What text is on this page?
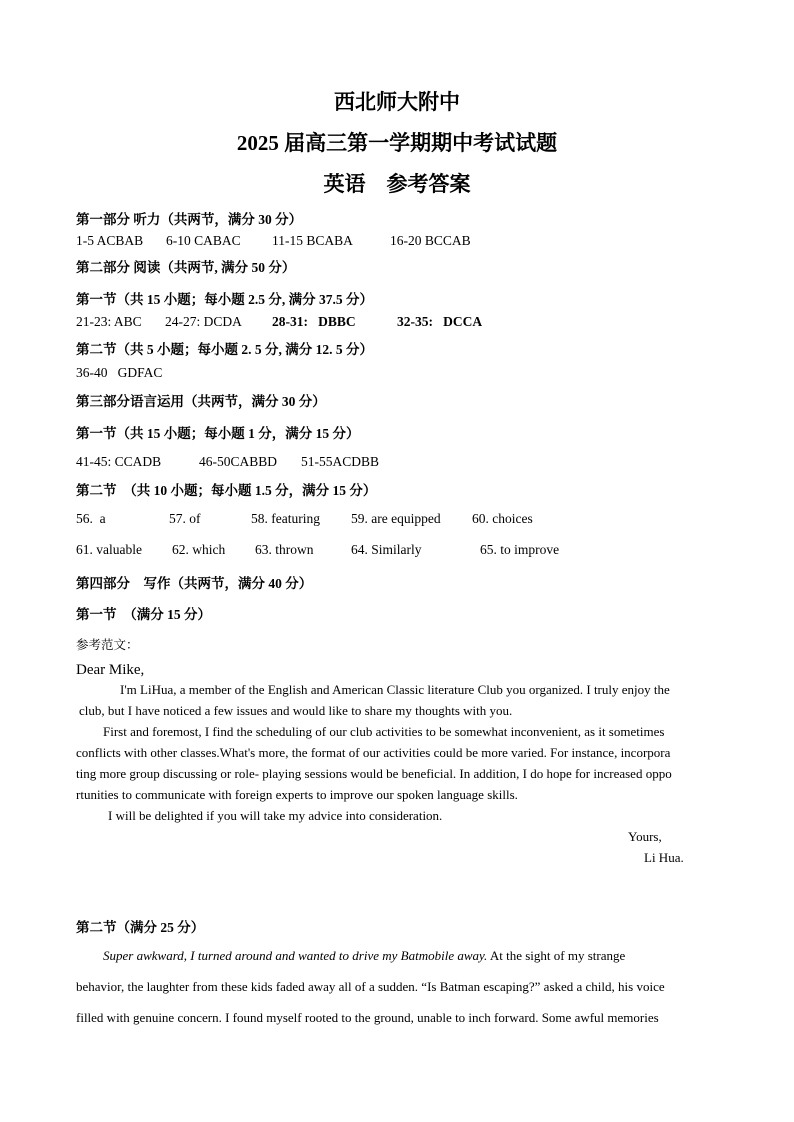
西北师大附中
2025 届高三第一学期期中考试试题
英语　参考答案
第一部分 听力（共两节，满分 30 分）
1-5 ACBAB 6-10 CABAC 11-15 BCABA	16-20 BCCAB
第二部分 阅读（共两节, 满分 50 分）
第一节（共 15 小题；每小题 2.5 分, 满分 37.5 分）
21-23: ABC 24-27: DCDA 28-31:   DBBC	32-35:   DCCA
第二节（共 5 小题；每小题 2. 5 分, 满分 12. 5 分）
36-40   GDFAC
第三部分语言运用（共两节，满分 30 分）
第一节（共 15 小题；每小题 1 分，满分 15 分）
41-45: CCADB	46-50CABBD 51-55ACDBB
第二节  （共 10 小题；每小题 1.5 分，满分 15 分）
56.  a	57. of	58. featuring 59. are equipped 60. choices
61. valuable 62. which 63. thrown	64. Similarly	65. to improve
第四部分    写作（共两节，满分 40 分）
第一节  （满分 15 分）
参考范文：
Dear Mike,
I'm LiHua, a member of the English and American Classic literature Club you organized. I truly enjoy the
club, but I have noticed a few issues and would like to share my thoughts with you.
First and foremost, I find the scheduling of our club activities to be somewhat inconvenient, as it sometimes
conflicts with other classes.What's more, the format of our activities could be more varied. For instance, incorpora
ting more group discussing or role- playing sessions would be beneficial. In addition, I do hope for increased oppo
rtunities to communicate with foreign experts to improve our spoken language skills.
I will be delighted if you will take my advice into consideration.
Yours,
Li Hua.
第二节（满分 25 分）
Super awkward, I turned around and wanted to drive my Batmobile away. At the sight of my strange
behavior, the laughter from these kids faded away all of a sudden. “Is Batman escaping?” asked a child, his voice
filled with genuine concern. I found myself rooted to the ground, unable to inch forward. Some awful memories
